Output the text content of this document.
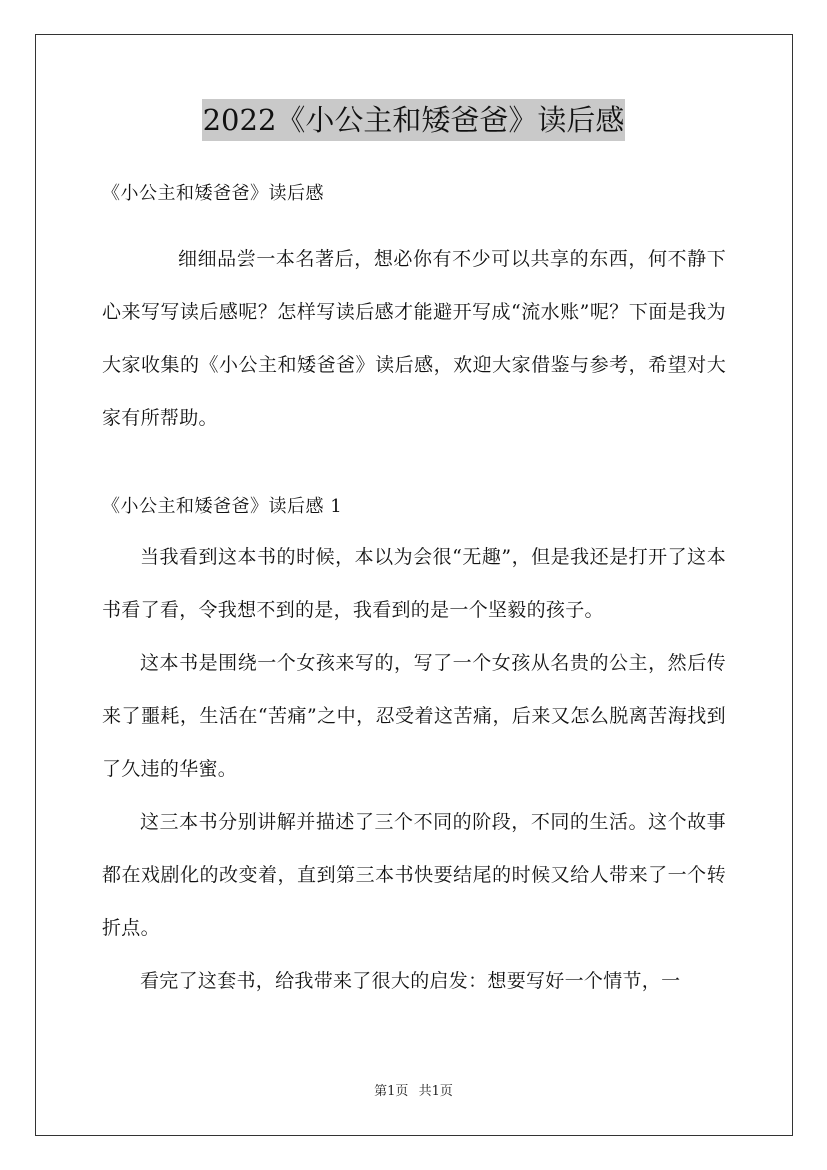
2022《小公主和矮爸爸》读后感

《小公主和矮爸爸》读后感

细细品尝一本名著后，想必你有不少可以共享的东西，何不静下心来写写读后感呢？怎样写读后感才能避开写成“流水账”呢？下面是我为大家收集的《小公主和矮爸爸》读后感，欢迎大家借鉴与参考，希望对大家有所帮助。

《小公主和矮爸爸》读后感 1

当我看到这本书的时候，本以为会很“无趣”，但是我还是打开了这本书看了看，令我想不到的是，我看到的是一个坚毅的孩子。

这本书是围绕一个女孩来写的，写了一个女孩从名贵的公主，然后传来了噩耗，生活在“苦痛”之中，忍受着这苦痛，后来又怎么脱离苦海找到了久违的华蜜。

这三本书分别讲解并描述了三个不同的阶段，不同的生活。这个故事都在戏剧化的改变着，直到第三本书快要结尾的时候又给人带来了一个转折点。

看完了这套书，给我带来了很大的启发：想要写好一个情节，一

第1页 共1页
